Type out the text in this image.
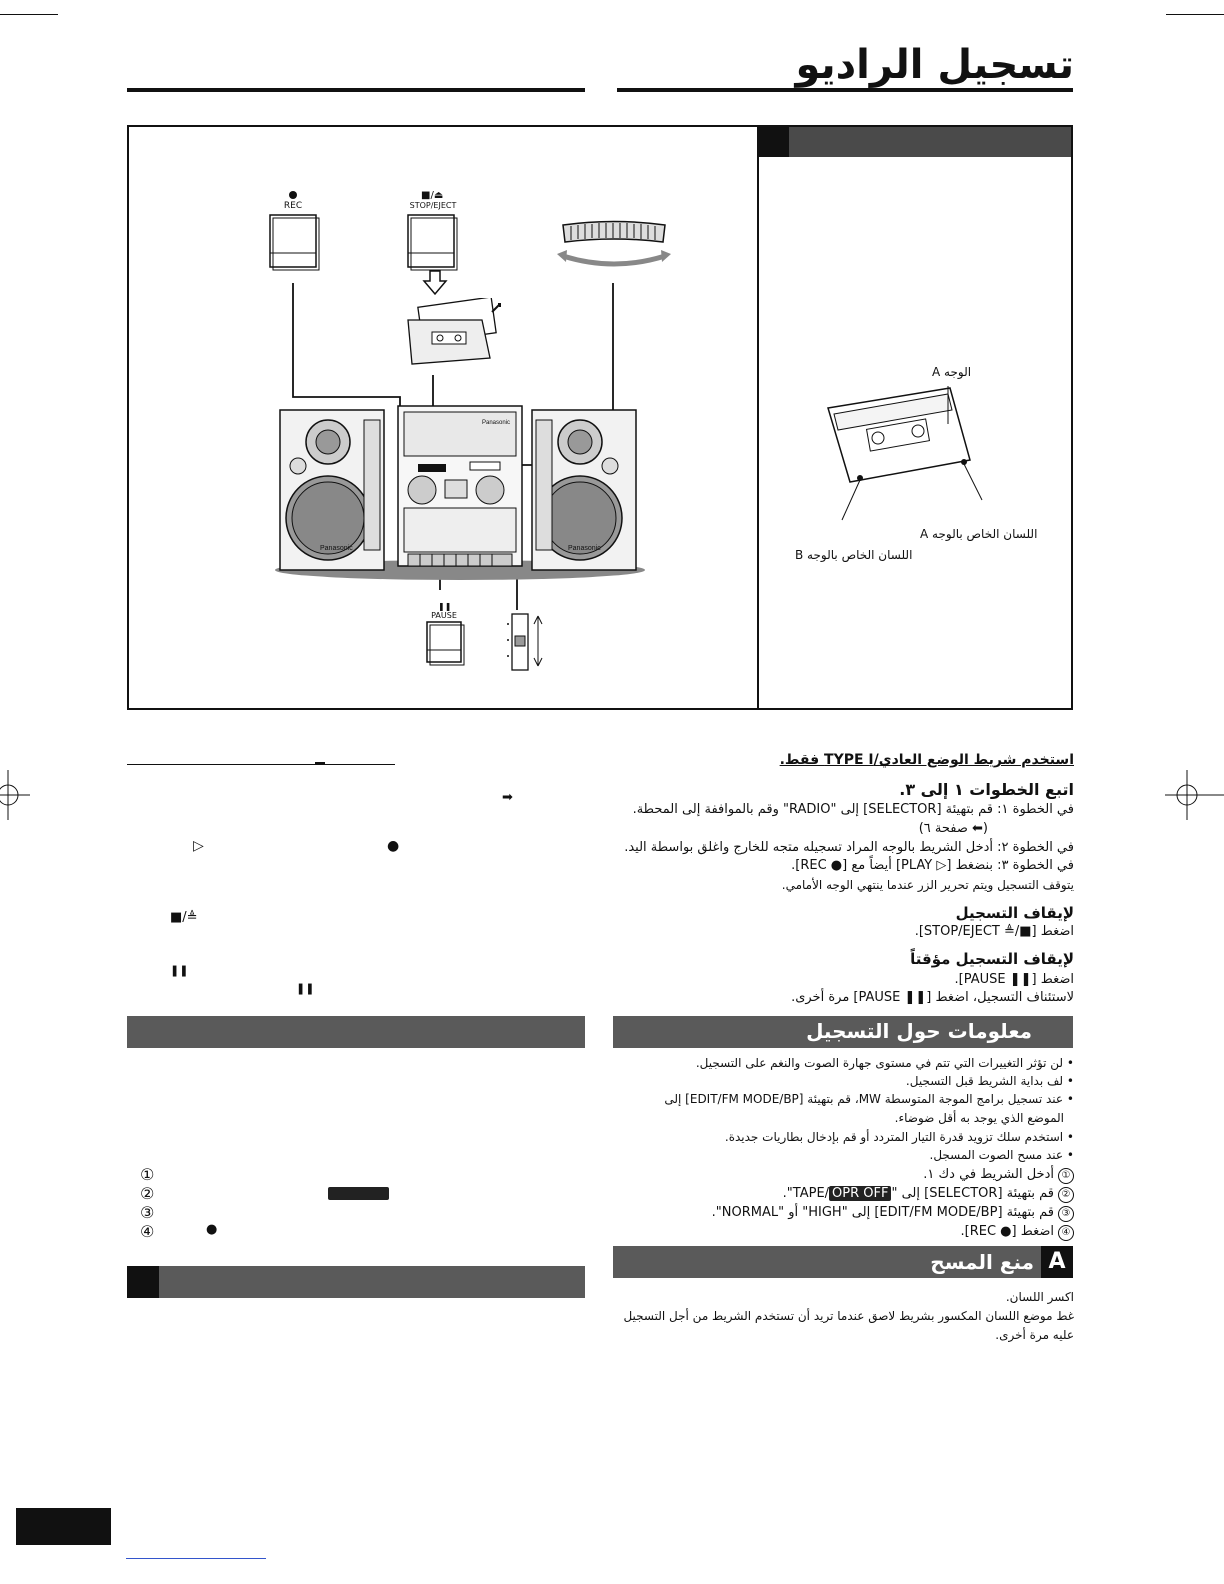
تسجيل الراديو
REC
■/⏏
STOP/EJECT
Panasonic
Panasonic
Panasonic
❚❚
PAUSE
الوجه A
اللسان الخاص بالوجه A
اللسان الخاص بالوجه B
➡
▷	●
■/≜
❚❚
❚❚
①
②
③
④	●
استخدم شريط الوضع العادي/TYPE I فقط.
اتبع الخطوات ١ إلى ٣.
في الخطوة ١: قم بتهيئة [SELECTOR] إلى "RADIO" وقم بالمواففة إلى المحطة.
(⬅ صفحة ٦)
في الخطوة ٢: أدخل الشريط بالوجه المراد تسجيله متجه للخارج واغلق بواسطة اليد.
في الخطوة ٣: بنضغط [▷ PLAY] أيضاً مع [● REC].
يتوقف التسجيل ويتم تحرير الزر عندما ينتهي الوجه الأمامي.
لإيقاف التسجيل
اضغط [■/≜ STOP/EJECT].
لإيقاف التسجيل مؤقتاً
اضغط [❚❚ PAUSE].
لاستئناف التسجيل، اضغط [❚❚ PAUSE] مرة أخرى.
معلومات حول التسجيل
• لن تؤثر التغييرات التي تتم في مستوى جهارة الصوت والنغم على التسجيل.
• لف بداية الشريط قبل التسجيل.
• عند تسجيل برامج الموجة المتوسطة MW، قم بتهيئة [EDIT/FM MODE/BP] إلى
الموضع الذي يوجد به أقل ضوضاء.
• استخدم سلك تزويد قدرة التيار المتردد أو قم بإدخال بطاريات جديدة.
• عند مسح الصوت المسجل.
①أدخل الشريط في دك ١.
②قم بتهيئة [SELECTOR] إلى "TAPE/OPR OFF".
③قم بتهيئة [EDIT/FM MODE/BP] إلى "HIGH" أو "NORMAL".
④اضغط [● REC].
A
منع المسح
اكسر اللسان.
غط موضع اللسان المكسور بشريط لاصق عندما تريد أن تستخدم الشريط من أجل التسجيل
عليه مرة أخرى.
